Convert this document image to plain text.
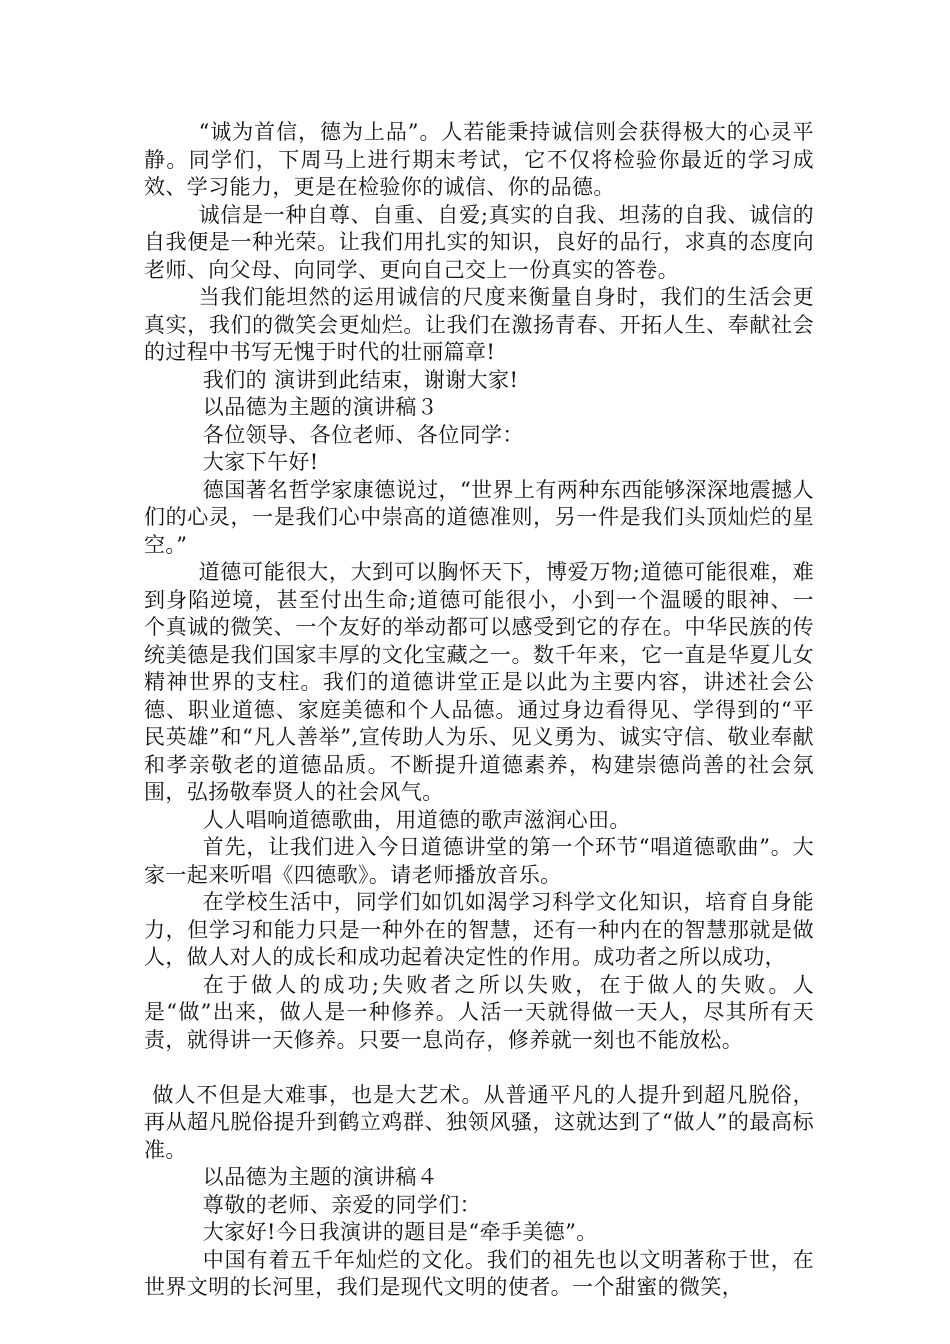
“诚为首信，德为上品”。人若能秉持诚信则会获得极大的心灵平静。同学们，下周马上进行期末考试，它不仅将检验你最近的学习成效、学习能力，更是在检验你的诚信、你的品德。

诚信是一种自尊、自重、自爱;真实的自我、坦荡的自我、诚信的自我便是一种光荣。让我们用扎实的知识，良好的品行，求真的态度向老师、向父母、向同学、更向自己交上一份真实的答卷。

当我们能坦然的运用诚信的尺度来衡量自身时，我们的生活会更真实，我们的微笑会更灿烂。让我们在激扬青春、开拓人生、奉献社会的过程中书写无愧于时代的壮丽篇章!

我们的 演讲到此结束，谢谢大家!

以品德为主题的演讲稿３

各位领导、各位老师、各位同学：

大家下午好!

德国著名哲学家康德说过，“世界上有两种东西能够深深地震撼人们的心灵，一是我们心中崇高的道德准则，另一件是我们头顶灿烂的星空。”

道德可能很大，大到可以胸怀天下，博爱万物;道德可能很难，难到身陷逆境，甚至付出生命;道德可能很小，小到一个温暖的眼神、一个真诚的微笑、一个友好的举动都可以感受到它的存在。中华民族的传统美德是我们国家丰厚的文化宝藏之一。数千年来，它一直是华夏儿女精神世界的支柱。我们的道德讲堂正是以此为主要内容，讲述社会公德、职业道德、家庭美德和个人品德。通过身边看得见、学得到的“平民英雄”和“凡人善举”,宣传助人为乐、见义勇为、诚实守信、敬业奉献和孝亲敬老的道德品质。不断提升道德素养，构建崇德尚善的社会氛围，弘扬敬奉贤人的社会风气。

人人唱响道德歌曲，用道德的歌声滋润心田。

首先，让我们进入今日道德讲堂的第一个环节“唱道德歌曲”。大家一起来听唱《四德歌》。请老师播放音乐。

在学校生活中，同学们如饥如渴学习科学文化知识，培育自身能力，但学习和能力只是一种外在的智慧，还有一种内在的智慧那就是做人，做人对人的成长和成功起着决定性的作用。成功者之所以成功，

在于做人的成功;失败者之所以失败，在于做人的失败。人是“做”出来，做人是一种修养。人活一天就得做一天人，尽其所有天责，就得讲一天修养。只要一息尚存，修养就一刻也不能放松。

做人不但是大难事，也是大艺术。从普通平凡的人提升到超凡脱俗，再从超凡脱俗提升到鹤立鸡群、独领风骚，这就达到了“做人”的最高标准。

以品德为主题的演讲稿４

尊敬的老师、亲爱的同学们：

大家好!今日我演讲的题目是“牵手美德”。

中国有着五千年灿烂的文化。我们的祖先也以文明著称于世，在世界文明的长河里，我们是现代文明的使者。一个甜蜜的微笑，
